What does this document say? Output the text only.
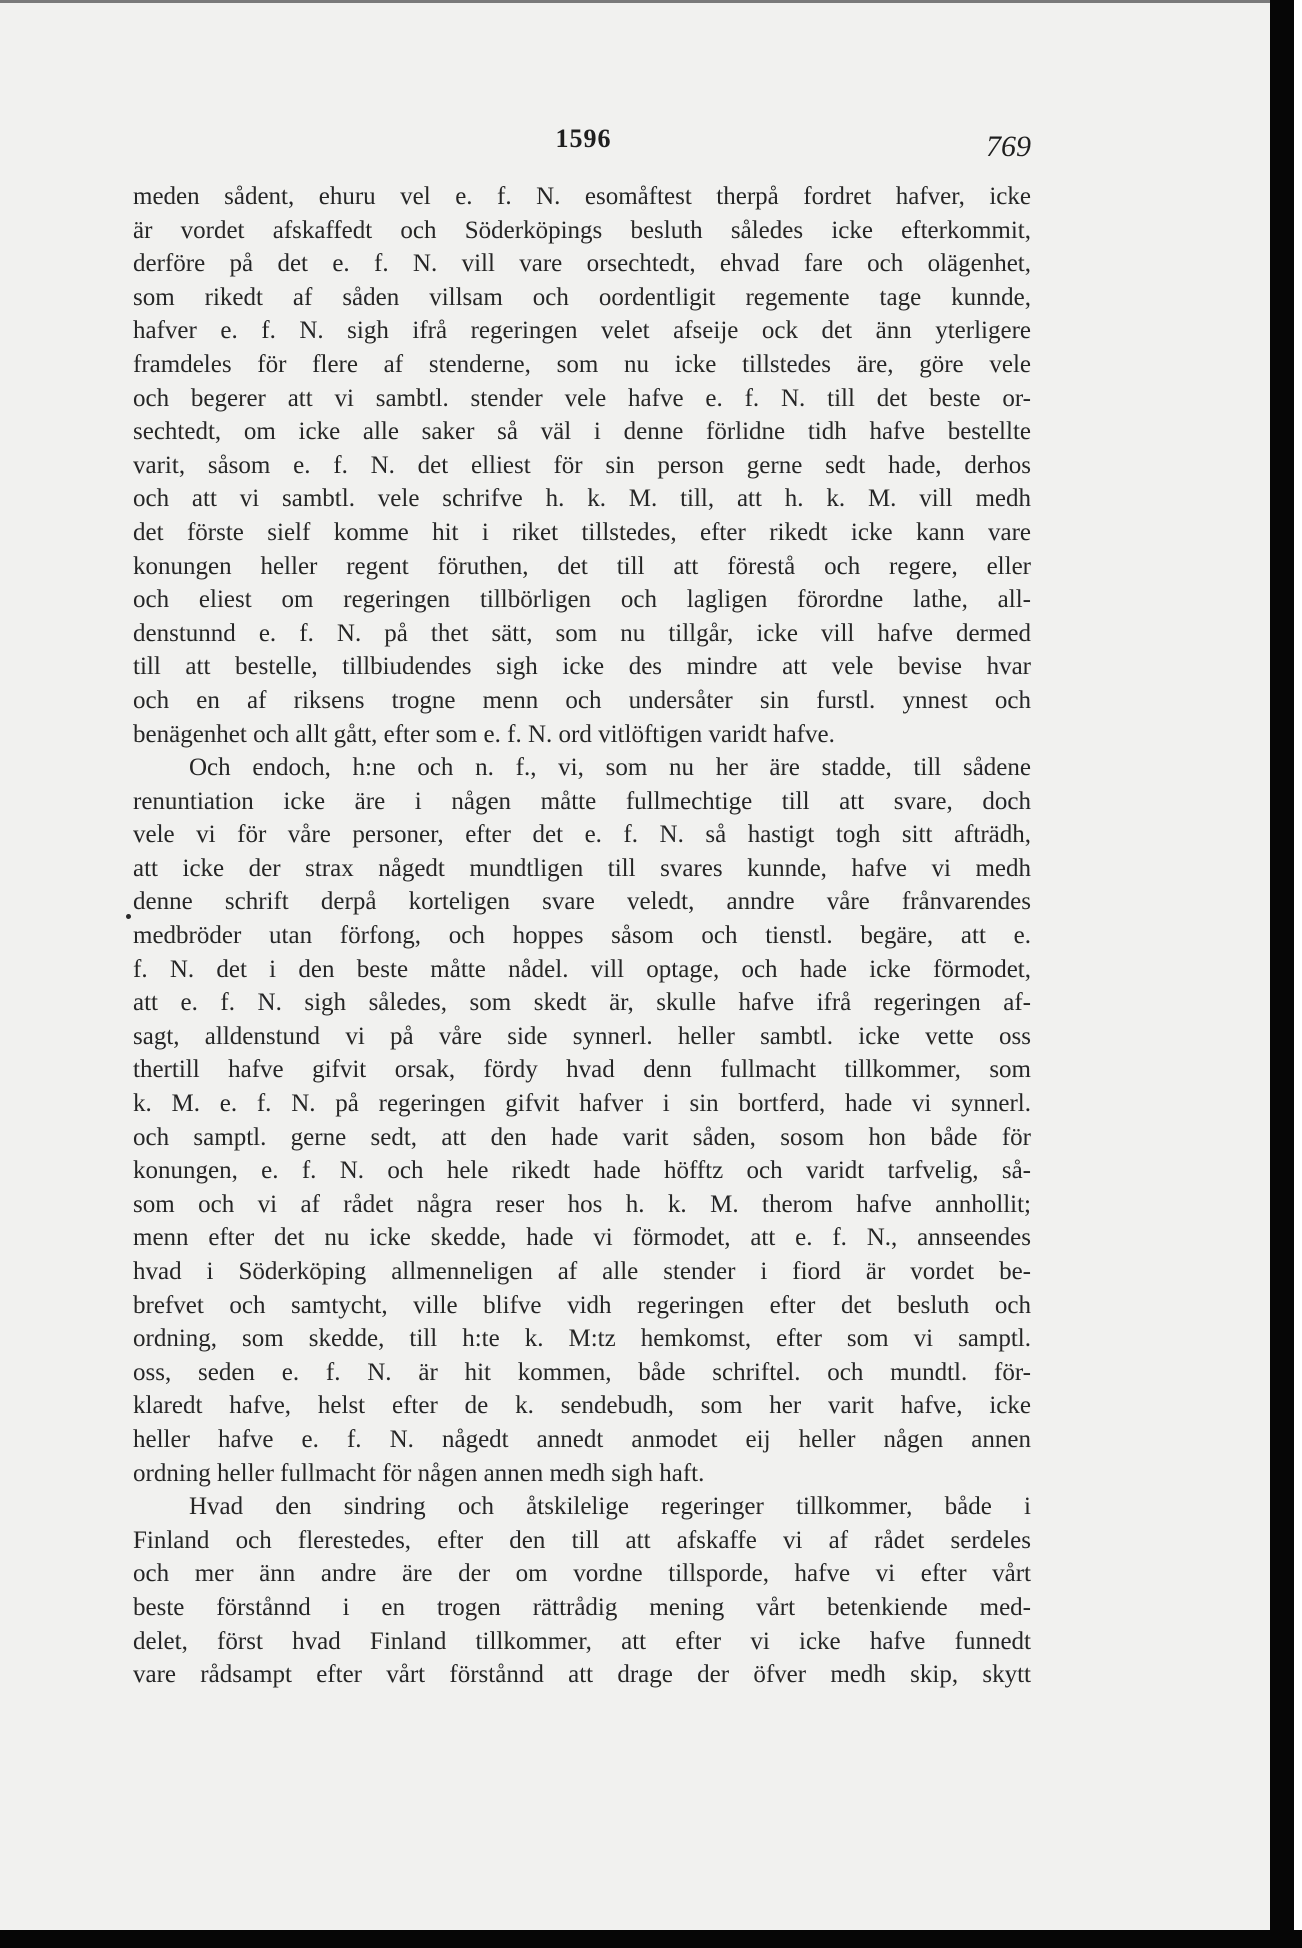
1596	769
meden sådent, ehuru vel e. f. N. esomåftest therpå fordret hafver, icke
är vordet afskaffedt och Söderköpings besluth således icke efterkommit,
derföre på det e. f. N. vill vare orsechtedt, ehvad fare och olägenhet,
som rikedt af såden villsam och oordentligit regemente tage kunnde,
hafver e. f. N. sigh ifrå regeringen velet afseije ock det änn yterligere
framdeles för flere af stenderne, som nu icke tillstedes äre, göre vele
och begerer att vi sambtl. stender vele hafve e. f. N. till det beste or-
sechtedt, om icke alle saker så väl i denne förlidne tidh hafve bestellte
varit, såsom e. f. N. det elliest för sin person gerne sedt hade, derhos
och att vi sambtl. vele schrifve h. k. M. till, att h. k. M. vill medh
det förste sielf komme hit i riket tillstedes, efter rikedt icke kann vare
konungen heller regent föruthen, det till att förestå och regere, eller
och eliest om regeringen tillbörligen och lagligen förordne lathe, all-
denstunnd e. f. N. på thet sätt, som nu tillgår, icke vill hafve dermed
till att bestelle, tillbiudendes sigh icke des mindre att vele bevise hvar
och en af riksens trogne menn och undersåter sin furstl. ynnest och
benägenhet och allt gått, efter som e. f. N. ord vitlöftigen varidt hafve.
Och endoch, h:ne och n. f., vi, som nu her äre stadde, till sådene
renuntiation icke äre i någen måtte fullmechtige till att svare, doch
vele vi för våre personer, efter det e. f. N. så hastigt togh sitt afträdh,
att icke der strax någedt mundtligen till svares kunnde, hafve vi medh
denne schrift derpå korteligen svare veledt, anndre våre frånvarendes
medbröder utan förfong, och hoppes såsom och tienstl. begäre, att e.
f. N. det i den beste måtte nådel. vill optage, och hade icke förmodet,
att e. f. N. sigh således, som skedt är, skulle hafve ifrå regeringen af-
sagt, alldenstund vi på våre side synnerl. heller sambtl. icke vette oss
thertill hafve gifvit orsak, fördy hvad denn fullmacht tillkommer, som
k. M. e. f. N. på regeringen gifvit hafver i sin bortferd, hade vi synnerl.
och samptl. gerne sedt, att den hade varit såden, sosom hon både för
konungen, e. f. N. och hele rikedt hade höfftz och varidt tarfvelig, så-
som och vi af rådet några reser hos h. k. M. therom hafve annhollit;
menn efter det nu icke skedde, hade vi förmodet, att e. f. N., annseendes
hvad i Söderköping allmenneligen af alle stender i fiord är vordet be-
brefvet och samtycht, ville blifve vidh regeringen efter det besluth och
ordning, som skedde, till h:te k. M:tz hemkomst, efter som vi samptl.
oss, seden e. f. N. är hit kommen, både schriftel. och mundtl. för-
klaredt hafve, helst efter de k. sendebudh, som her varit hafve, icke
heller hafve e. f. N. någedt annedt anmodet eij heller någen annen
ordning heller fullmacht för någen annen medh sigh haft.
Hvad den sindring och åtskilelige regeringer tillkommer, både i
Finland och flerestedes, efter den till att afskaffe vi af rådet serdeles
och mer änn andre äre der om vordne tillsporde, hafve vi efter vårt
beste förstånnd i en trogen rättrådig mening vårt betenkiende med-
delet, först hvad Finland tillkommer, att efter vi icke hafve funnedt
vare rådsampt efter vårt förstånnd att drage der öfver medh skip, skytt
